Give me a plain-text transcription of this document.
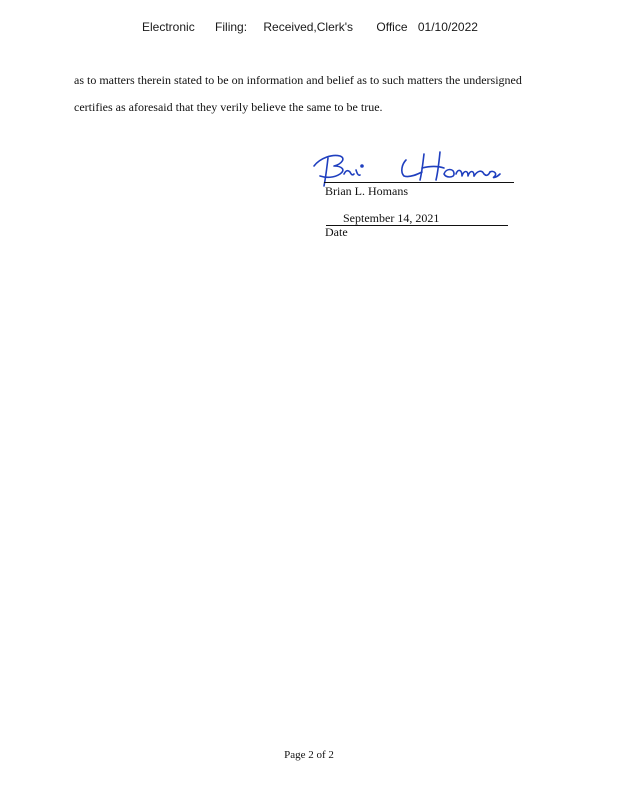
Electronic Filing: Received,Clerk's Office 01/10/2022
as to matters therein stated to be on information and belief as to such matters the undersigned
certifies as aforesaid that they verily believe the same to be true.
Brian L. Homans
September 14, 2021
Date
Page 2 of 2
